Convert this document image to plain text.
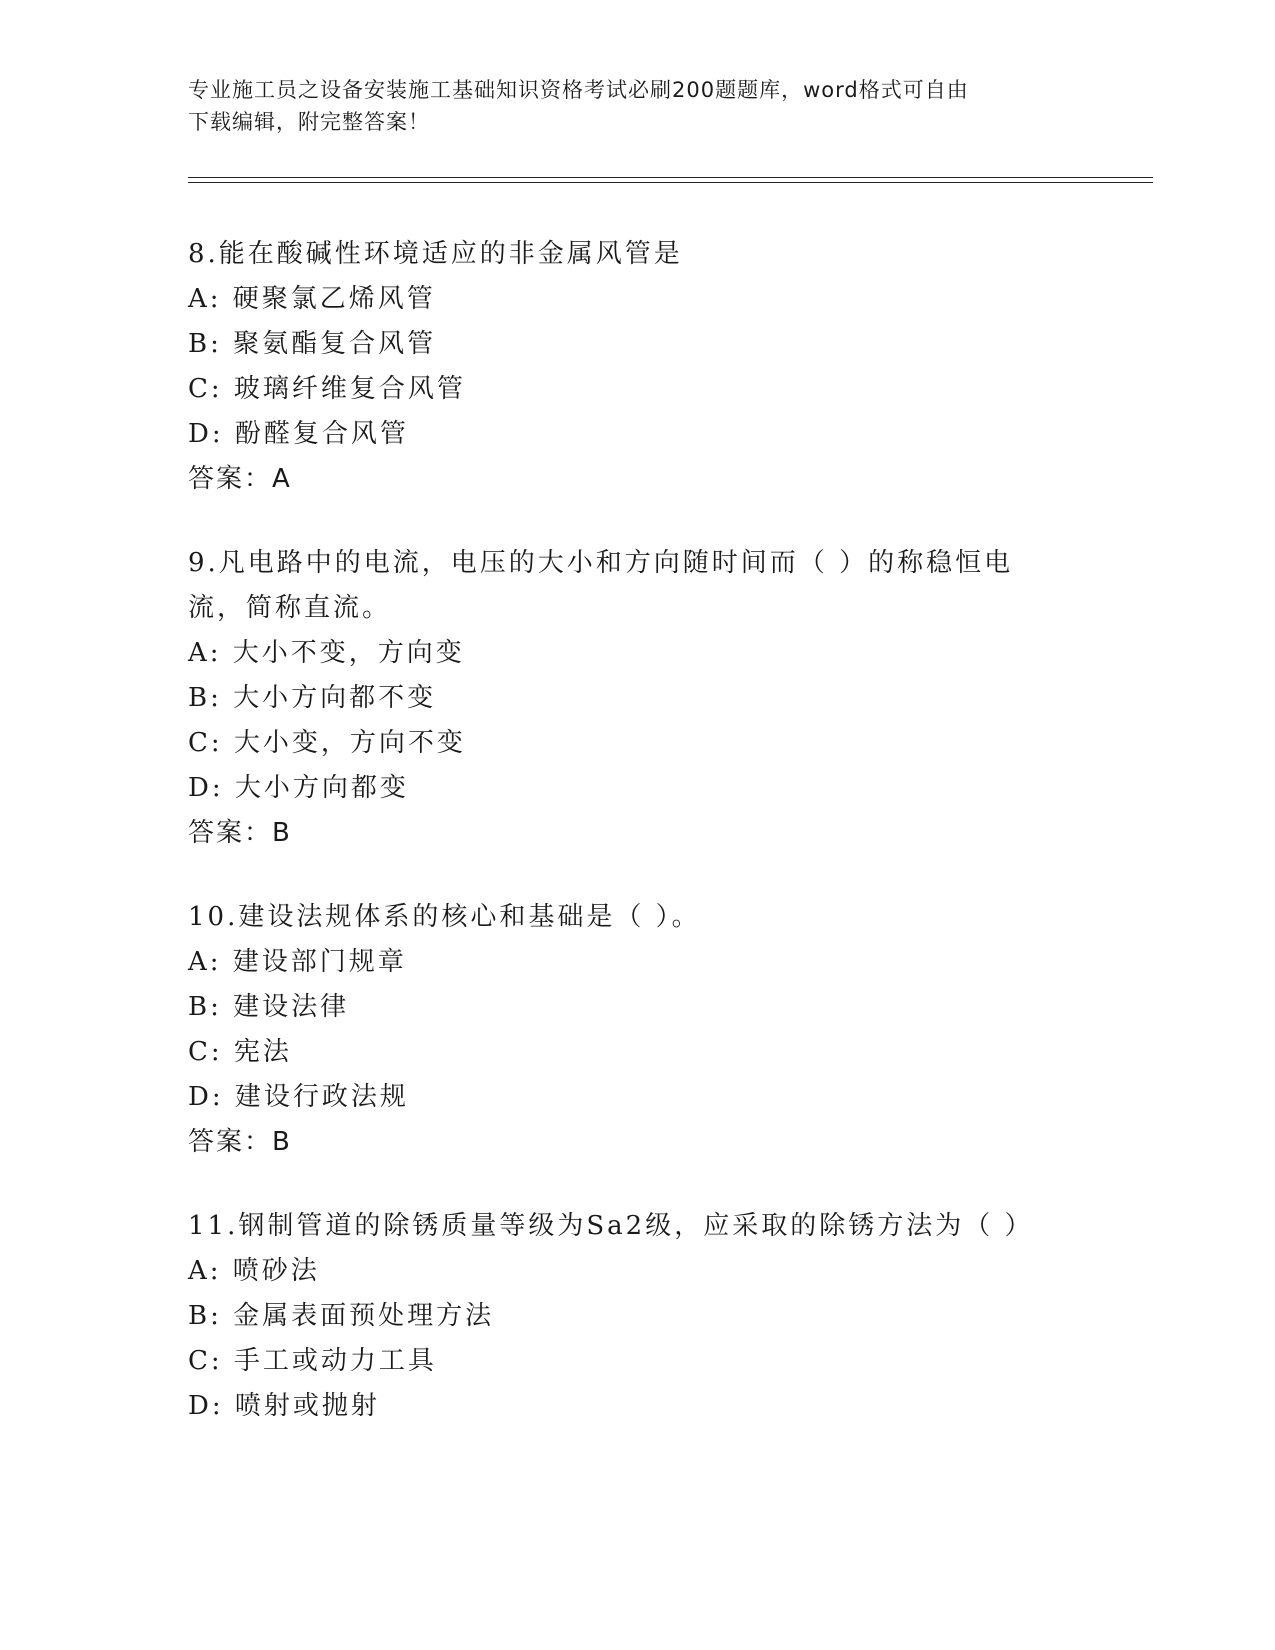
专业施工员之设备安装施工基础知识资格考试必刷200题题库，word格式可自由
下载编辑，附完整答案！
8.能在酸碱性环境适应的非金属风管是
A: 硬聚氯乙烯风管
B: 聚氨酯复合风管
C: 玻璃纤维复合风管
D: 酚醛复合风管
答案：A
9.凡电路中的电流，电压的大小和方向随时间而（ ）的称稳恒电流，简称直流。
A: 大小不变，方向变
B: 大小方向都不变
C: 大小变，方向不变
D: 大小方向都变
答案：B
10.建设法规体系的核心和基础是（ ）。
A: 建设部门规章
B: 建设法律
C: 宪法
D: 建设行政法规
答案：B
11.钢制管道的除锈质量等级为Sa2级，应采取的除锈方法为（ ）
A: 喷砂法
B: 金属表面预处理方法
C: 手工或动力工具
D: 喷射或抛射
